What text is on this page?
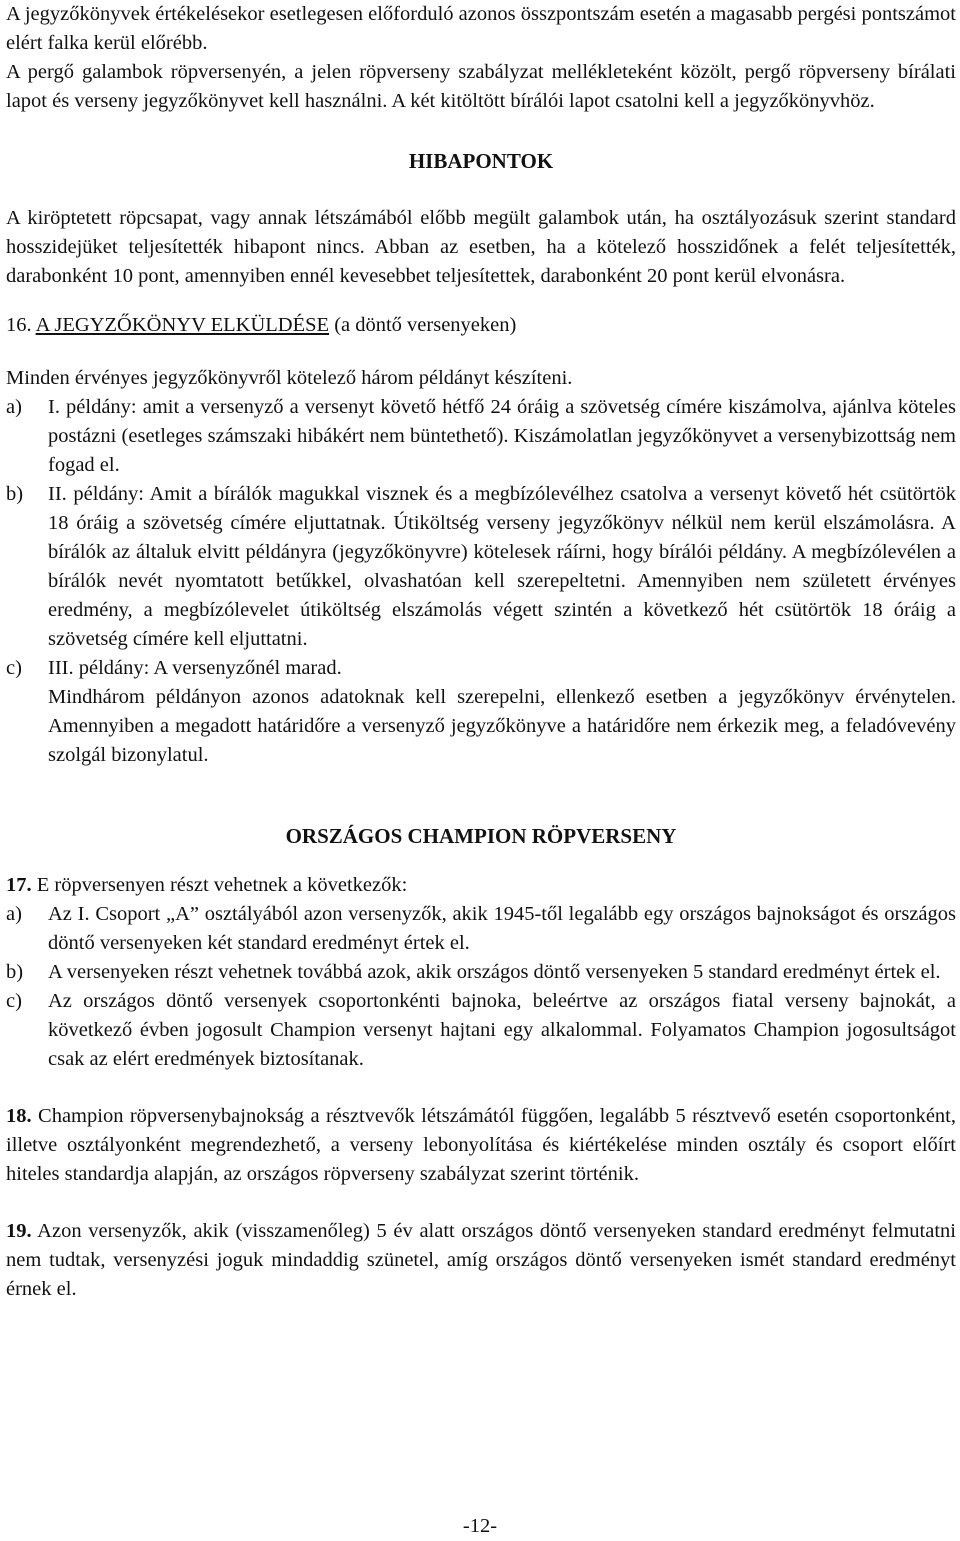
A jegyzőkönyvek értékelésekor esetlegesen előforduló azonos összpontszám esetén a magasabb pergési pontszámot elért falka kerül előrébb.

A pergő galambok röpversenyén, a jelen röpverseny szabályzat mellékleteként közölt, pergő röpverseny bírálati lapot és verseny jegyzőkönyvet kell használni. A két kitöltött bírálói lapot csatolni kell a jegyzőkönyvhöz.

HIBAPONTOK

A kiröptetett röpcsapat, vagy annak létszámából előbb megült galambok után, ha osztályozásuk szerint standard hosszidejüket teljesítették hibapont nincs. Abban az esetben, ha a kötelező hosszidőnek a felét teljesítették, darabonként 10 pont, amennyiben ennél kevesebbet teljesítettek, darabonként 20 pont kerül elvonásra.

16. A JEGYZŐKÖNYV ELKÜLDÉSE (a döntő versenyeken)

Minden érvényes jegyzőkönyvről kötelező három példányt készíteni.

a)	I. példány: amit a versenyző a versenyt követő hétfő 24 óráig a szövetség címére kiszámolva, ajánlva köteles postázni (esetleges számszaki hibákért nem büntethető). Kiszámolatlan jegyzőkönyvet a versenybizottság nem fogad el.
b)	II. példány: Amit a bírálók magukkal visznek és a megbízólevélhez csatolva a versenyt követő hét csütörtök 18 óráig a szövetség címére eljuttatnak. Útiköltség verseny jegyzőkönyv nélkül nem kerül elszámolásra. A bírálók az általuk elvitt példányra (jegyzőkönyvre) kötelesek ráírni, hogy bírálói példány. A megbízólevélen a bírálók nevét nyomtatott betűkkel, olvashatóan kell szerepeltetni. Amennyiben nem született érvényes eredmény, a megbízólevelet útiköltség elszámolás végett szintén a következő hét csütörtök 18 óráig a szövetség címére kell eljuttatni.
c)	III. példány: A versenyzőnél marad.

Mindhárom példányon azonos adatoknak kell szerepelni, ellenkező esetben a jegyzőkönyv érvénytelen. Amennyiben a megadott határidőre a versenyző jegyzőkönyve a határidőre nem érkezik meg, a feladóvevény szolgál bizonylatul.

ORSZÁGOS CHAMPION RÖPVERSENY

17. E röpversenyen részt vehetnek a következők:

a)	Az I. Csoport „A” osztályából azon versenyzők, akik 1945-től legalább egy országos bajnokságot és országos döntő versenyeken két standard eredményt értek el.
b)	A versenyeken részt vehetnek továbbá azok, akik országos döntő versenyeken 5 standard eredményt értek el.
c)	Az országos döntő versenyek csoportonkénti bajnoka, beleértve az országos fiatal verseny bajnokát, a következő évben jogosult Champion versenyt hajtani egy alkalommal. Folyamatos Champion jogosultságot csak az elért eredmények biztosítanak.

18. Champion röpversenybajnokság a résztvevők létszámától függően, legalább 5 résztvevő esetén csoportonként, illetve osztályonként megrendezhető, a verseny lebonyolítása és kiértékelése minden osztály és csoport előírt hiteles standardja alapján, az országos röpverseny szabályzat szerint történik.

19. Azon versenyzők, akik (visszamenőleg) 5 év alatt országos döntő versenyeken standard eredményt felmutatni nem tudtak, versenyzési joguk mindaddig szünetel, amíg országos döntő versenyeken ismét standard eredményt érnek el.

-12-
